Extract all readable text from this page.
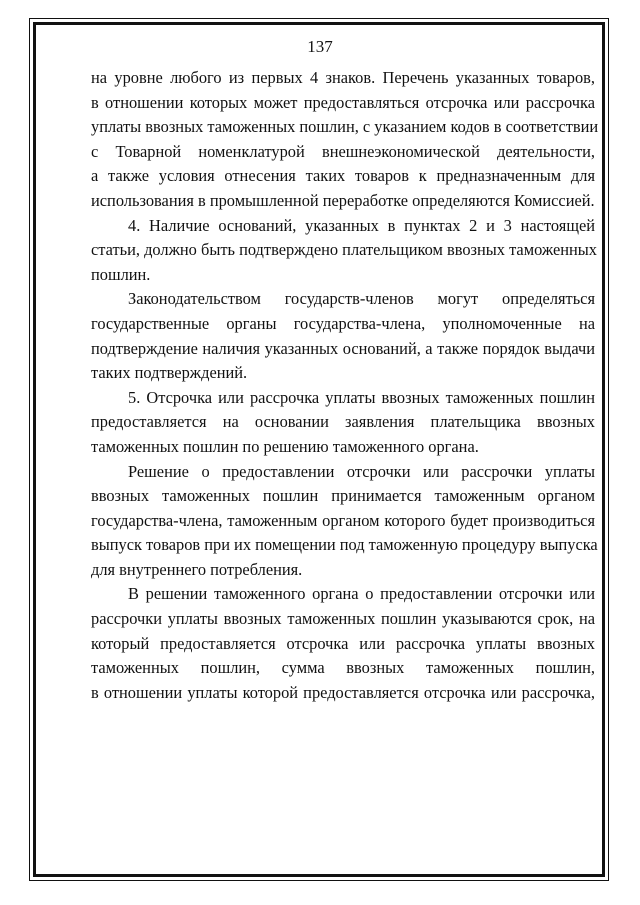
137
на уровне любого из первых 4 знаков. Перечень указанных товаров,
в отношении которых может предоставляться отсрочка или рассрочка
уплаты ввозных таможенных пошлин, с указанием кодов в соответствии
с Товарной номенклатурой внешнеэкономической деятельности,
а также условия отнесения таких товаров к предназначенным для
использования в промышленной переработке определяются Комиссией.
4. Наличие оснований, указанных в пунктах 2 и 3 настоящей
статьи, должно быть подтверждено плательщиком ввозных таможенных
пошлин.
Законодательством государств-членов могут определяться
государственные органы государства-члена, уполномоченные на
подтверждение наличия указанных оснований, а также порядок выдачи
таких подтверждений.
5. Отсрочка или рассрочка уплаты ввозных таможенных пошлин
предоставляется на основании заявления плательщика ввозных
таможенных пошлин по решению таможенного органа.
Решение о предоставлении отсрочки или рассрочки уплаты
ввозных таможенных пошлин принимается таможенным органом
государства-члена, таможенным органом которого будет производиться
выпуск товаров при их помещении под таможенную процедуру выпуска
для внутреннего потребления.
В решении таможенного органа о предоставлении отсрочки или
рассрочки уплаты ввозных таможенных пошлин указываются срок, на
который предоставляется отсрочка или рассрочка уплаты ввозных
таможенных пошлин, сумма ввозных таможенных пошлин,
в отношении уплаты которой предоставляется отсрочка или рассрочка,
